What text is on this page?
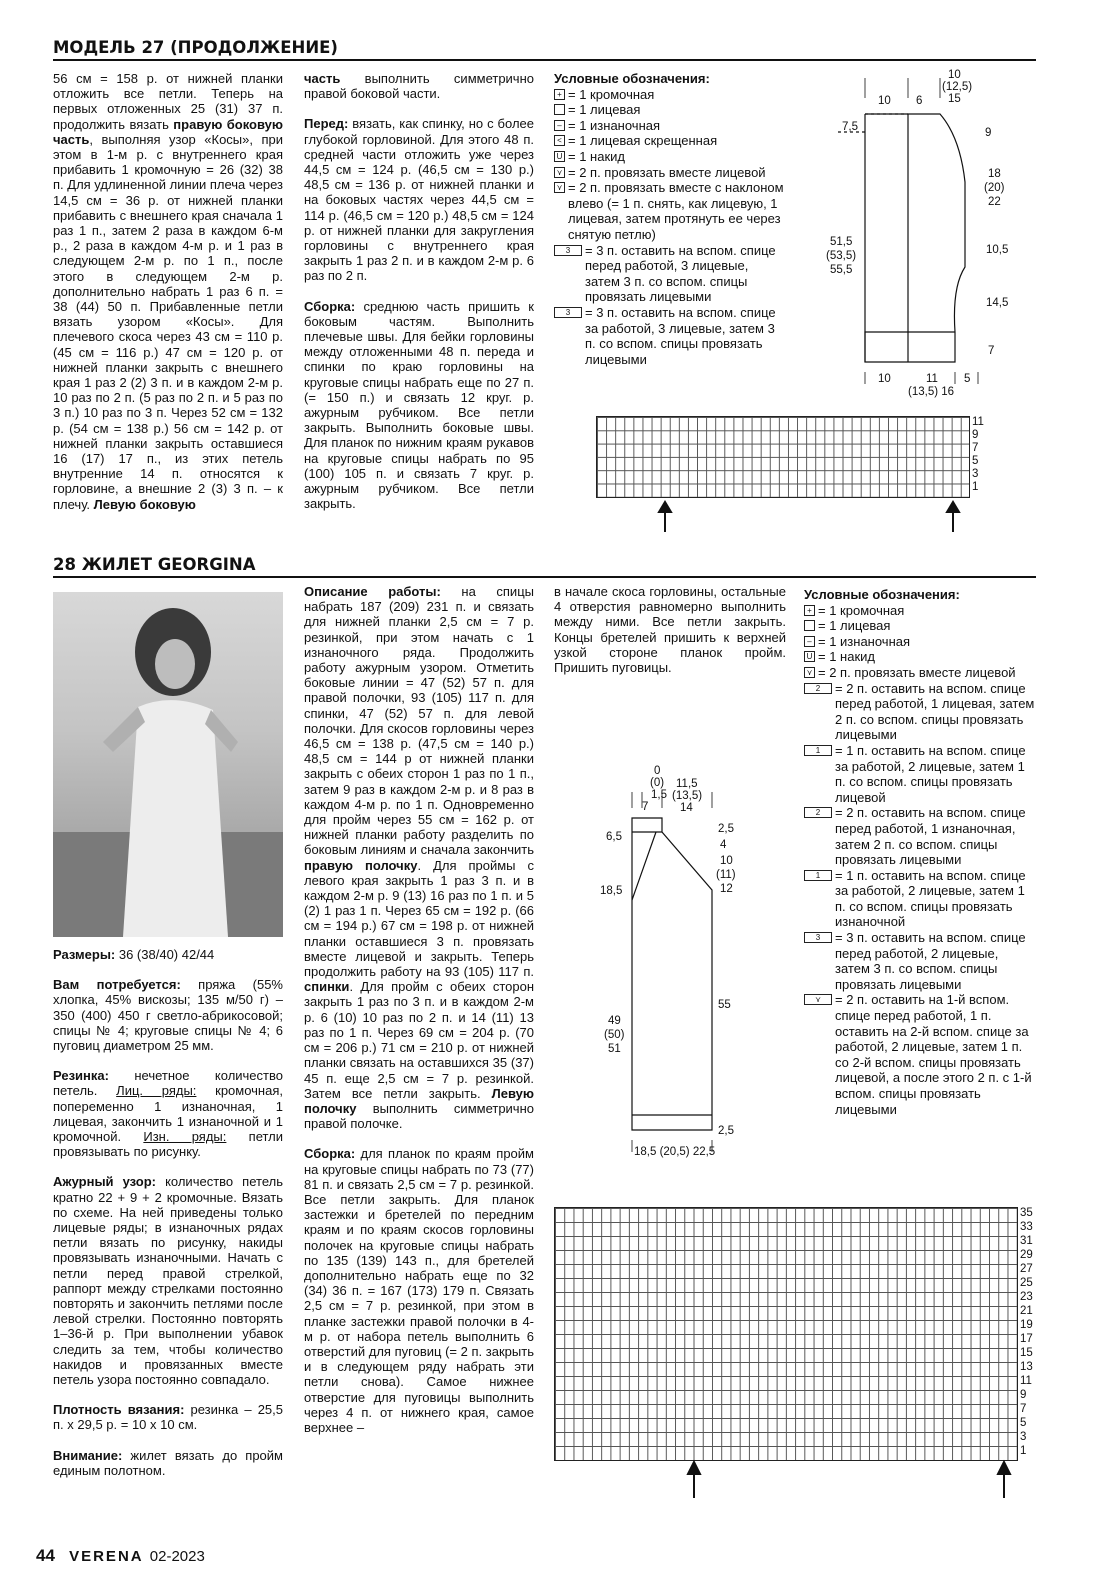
МОДЕЛЬ 27 (ПРОДОЛЖЕНИЕ)

56 см = 158 р. от нижней планки отложить все петли. Теперь на первых отложенных 25 (31) 37 п. продолжить вязать правую боковую часть, выполняя узор «Косы», при этом в 1-м р. с внутреннего края прибавить 1 кромочную = 26 (32) 38 п. Для удлиненной линии плеча через 14,5 см = 36 р. от нижней планки прибавить с внешнего края сначала 1 раз 1 п., затем 2 раза в каждом 6-м р., 2 раза в каждом 4-м р. и 1 раз в следующем 2-м р. по 1 п., после этого в следующем 2-м р. дополнительно набрать 1 раз 6 п. = 38 (44) 50 п. Прибавленные петли вязать узором «Косы». Для плечевого скоса через 43 см = 110 р. (45 см = 116 р.) 47 см = 120 р. от нижней планки закрыть с внешнего края 1 раз 2 (2) 3 п. и в каждом 2-м р. 10 раз по 2 п. (5 раз по 2 п. и 5 раз по 3 п.) 10 раз по 3 п. Через 52 см = 132 р. (54 см = 138 р.) 56 см = 142 р. от нижней планки закрыть оставшиеся 16 (17) 17 п., из этих петель внутренние 14 п. относятся к горловине, а внешние 2 (3) 3 п. – к плечу. Левую боковую

часть выполнить симметрично правой боковой части.

Перед: вязать, как спинку, но с более глубокой горловиной. Для этого 48 п. средней части отложить уже через 44,5 см = 124 р. (46,5 см = 130 р.) 48,5 см = 136 р. от нижней планки и на боковых частях через 44,5 см = 114 р. (46,5 см = 120 р.) 48,5 см = 124 р. от нижней планки для закругления горловины с внутреннего края закрыть 1 раз 2 п. и в каждом 2-м р. 6 раз по 2 п.

Сборка: среднюю часть пришить к боковым частям. Выполнить плечевые швы. Для бейки горловины между отложенными 48 п. переда и спинки по краю горловины на круговые спицы набрать еще по 27 п. (= 150 п.) и связать 12 круг. р. ажурным рубчиком. Все петли закрыть. Выполнить боковые швы. Для планок по нижним краям рукавов на круговые спицы набрать по 95 (100) 105 п. и связать 7 круг. р. ажурным рубчиком. Все петли закрыть.

Условные обозначения:
+ = 1 кромочная
= 1 лицевая
– = 1 изнаночная
< = 1 лицевая скрещенная
U = 1 накид
⋎ = 2 п. провязать вместе лицевой
⋎ = 2 п. провязать вместе с наклоном влево (= 1 п. снять, как лицевую, 1 лицевая, затем протянуть ее через снятую петлю)
3	= 3 п. оставить на вспом. спице перед работой, 3 лицевые, затем 3 п. со вспом. спицы провязать лицевыми
3	= 3 п. оставить на вспом. спице за работой, 3 лицевые, затем 3 п. со вспом. спицы провязать лицевыми
10 6
10
(12,5)
15
7,5	9
18
(20)
22
51,5
(53,5)
55,5
10,5
14,5
7
10	11 5
(13,5) 16
11
9
7
5
3
1
28 ЖИЛЕТ GEORGINA

Размеры: 36 (38/40) 42/44

Вам потребуется: пряжа (55% хлопка, 45% вискозы; 135 м/50 г) – 350 (400) 450 г светло-абрикосовой; спицы № 4; круговые спицы № 4; 6 пуговиц диаметром 25 мм.

Резинка: нечетное количество петель. Лиц. ряды: кромочная, попеременно 1 изнаночная, 1 лицевая, закончить 1 изнаночной и 1 кромочной. Изн. ряды: петли провязывать по рисунку.

Ажурный узор: количество петель кратно 22 + 9 + 2 кромочные. Вязать по схеме. На ней приведены только лицевые ряды; в изнаночных рядах петли вязать по рисунку, накиды провязывать изнаночными. Начать с петли перед правой стрелкой, раппорт между стрелками постоянно повторять и закончить петлями после левой стрелки. Постоянно повторять 1–36-й р. При выполнении убавок следить за тем, чтобы количество накидов и провязанных вместе петель узора постоянно совпадало.

Плотность вязания: резинка – 25,5 п. x 29,5 р. = 10 x 10 см.

Внимание: жилет вязать до пройм единым полотном.

Описание работы: на спицы набрать 187 (209) 231 п. и связать для нижней планки 2,5 см = 7 р. резинкой, при этом начать с 1 изнаночного ряда. Продолжить работу ажурным узором. Отметить боковые линии = 47 (52) 57 п. для правой полочки, 93 (105) 117 п. для спинки, 47 (52) 57 п. для левой полочки. Для скосов горловины через 46,5 см = 138 р. (47,5 см = 140 р.) 48,5 см = 144 р от нижней планки закрыть с обеих сторон 1 раз по 1 п., затем 9 раз в каждом 2-м р. и 8 раз в каждом 4-м р. по 1 п. Одновременно для пройм через 55 см = 162 р. от нижней планки работу разделить по боковым линиям и сначала закончить правую полочку. Для проймы с левого края закрыть 1 раз 3 п. и в каждом 2-м р. 9 (13) 16 раз по 1 п. и 5 (2) 1 раз 1 п. Через 65 см = 192 р. (66 см = 194 р.) 67 см = 198 р. от нижней планки оставшиеся 3 п. провязать вместе лицевой и закрыть. Теперь продолжить работу на 93 (105) 117 п. спинки. Для пройм с обеих сторон закрыть 1 раз по 3 п. и в каждом 2-м р. 6 (10) 10 раз по 2 п. и 14 (11) 13 раз по 1 п. Через 69 см = 204 р. (70 см = 206 р.) 71 см = 210 р. от нижней планки связать на оставшихся 35 (37) 45 п. еще 2,5 см = 7 р. резинкой. Затем все петли закрыть. Левую полочку выполнить симметрично правой полочке.

Сборка: для планок по краям пройм на круговые спицы набрать по 73 (77) 81 п. и связать 2,5 см = 7 р. резинкой. Все петли закрыть. Для планок застежки и бретелей по передним краям и по краям скосов горловины полочек на круговые спицы набрать по 135 (139) 143 п., для бретелей дополнительно набрать еще по 32 (34) 36 п. = 167 (173) 179 п. Связать 2,5 см = 7 р. резинкой, при этом в планке застежки правой полочки в 4-м р. от набора петель выполнить 6 отверстий для пуговиц (= 2 п. закрыть и в следующем ряду набрать эти петли снова). Самое нижнее отверстие для пуговицы выполнить через 4 п. от нижнего края, самое верхнее –

в начале скоса горловины, остальные 4 отверстия равномерно выполнить между ними. Все петли закрыть. Концы бретелей пришить к верхней узкой стороне планок пройм. Пришить пуговицы.

Условные обозначения:
+ = 1 кромочная
= 1 лицевая
– = 1 изнаночная
U = 1 накид
⋎ = 2 п. провязать вместе лицевой
2	= 2 п. оставить на вспом. спице перед работой, 1 лицевая, затем 2 п. со вспом. спицы провязать лицевыми
1	= 1 п. оставить на вспом. спице за работой, 2 лицевые, затем 1 п. со вспом. спицы провязать лицевой
2	= 2 п. оставить на вспом. спице перед работой, 1 изнаночная, затем 2 п. со вспом. спицы провязать лицевыми
1	= 1 п. оставить на вспом. спице за работой, 2 лицевые, затем 1 п. со вспом. спицы провязать изнаночной
3	= 3 п. оставить на вспом. спице перед работой, 2 лицевые, затем 3 п. со вспом. спицы провязать лицевыми
⋎	= 2 п. оставить на 1-й вспом. спице перед работой, 1 п. оставить на 2-й вспом. спице за работой, 2 лицевые, затем 1 п. со 2-й вспом. спицы провязать лицевой, а после этого 2 п. с 1-й вспом. спицы провязать лицевыми
0
(0)
1,5
11,5
(13,5)
14
7
6,5
18,5
49
(50)
51
2,5
4
10
(11)
12
55
2,5
18,5 (20,5) 22,5
35
33
31
29
27
25
23
21
19
17
15
13
11
9
7
5
3
1
44 VERENA 02-2023
